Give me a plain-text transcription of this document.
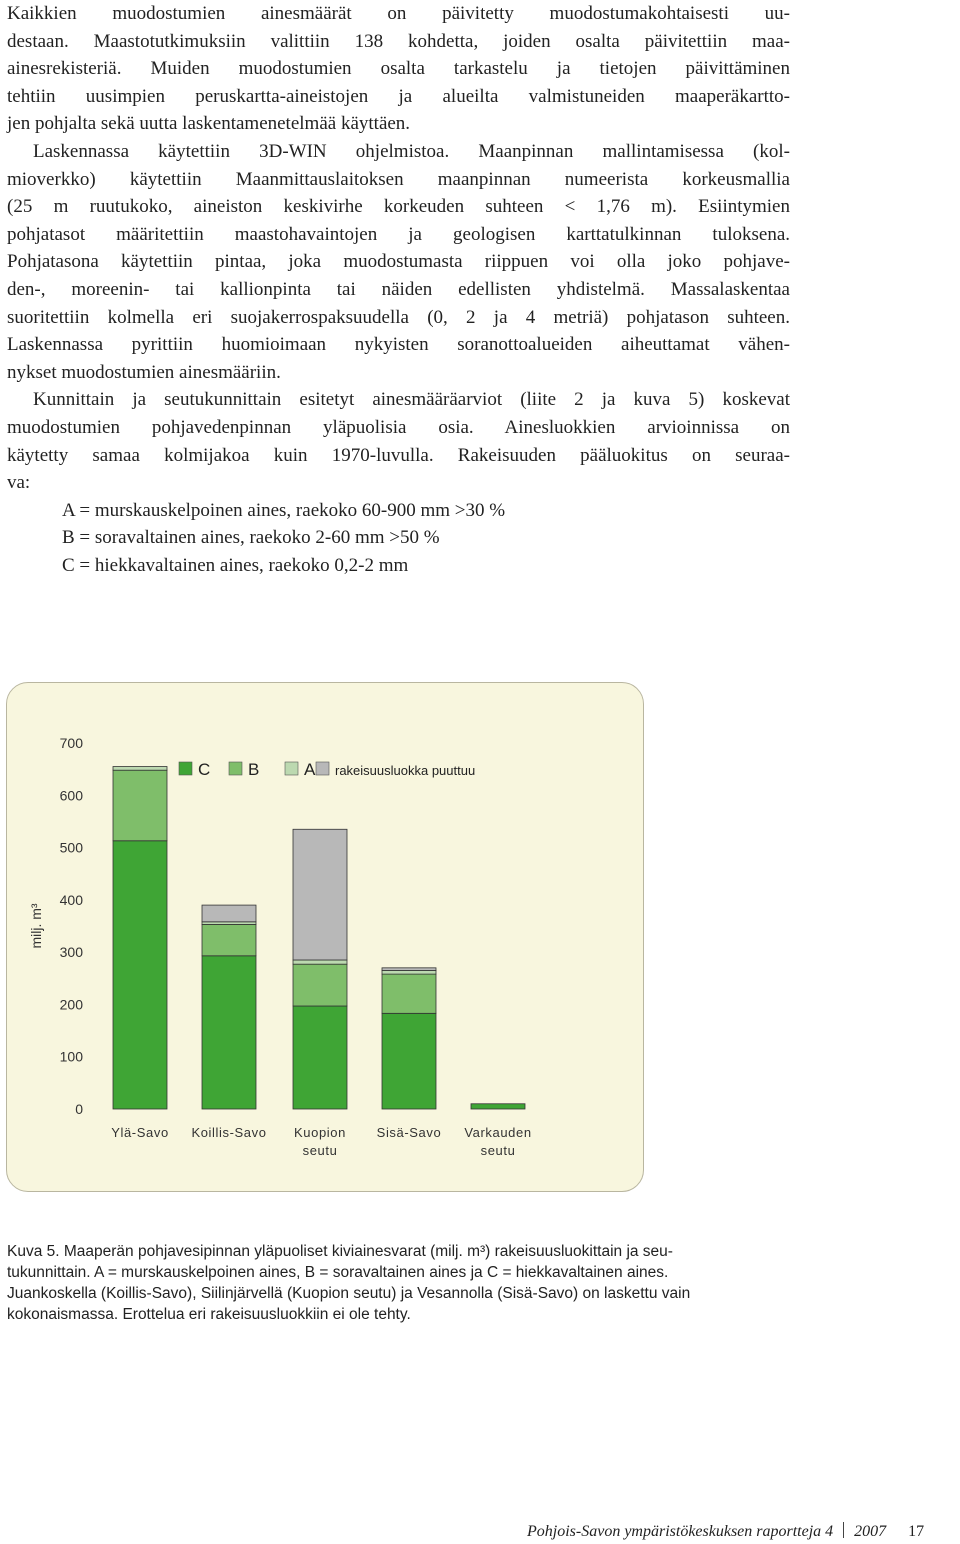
Kaikkien muodostumien ainesmäärät on päivitetty muodostumakohtaisesti uu-
destaan. Maastotutkimuksiin valittiin 138 kohdetta, joiden osalta päivitettiin maa-
ainesrekisteriä. Muiden muodostumien osalta tarkastelu ja tietojen päivittäminen
tehtiin uusimpien peruskartta-aineistojen ja alueilta valmistuneiden maaperäkartto-
jen pohjalta sekä uutta laskentamenetelmää käyttäen.

Laskennassa käytettiin 3D-WIN ohjelmistoa. Maanpinnan mallintamisessa (kol-
mioverkko) käytettiin Maanmittauslaitoksen maanpinnan numeerista korkeusmallia
(25 m ruutukoko, aineiston keskivirhe korkeuden suhteen < 1,76 m). Esiintymien
pohjatasot määritettiin maastohavaintojen ja geologisen karttatulkinnan tuloksena.
Pohjatasona käytettiin pintaa, joka muodostumasta riippuen voi olla joko pohjave-
den-, moreenin- tai kallionpinta tai näiden edellisten yhdistelmä. Massalaskentaa
suoritettiin kolmella eri suojakerrospaksuudella (0, 2 ja 4 metriä) pohjatason suhteen.
Laskennassa pyrittiin huomioimaan nykyisten soranottoalueiden aiheuttamat vähen-
nykset muodostumien ainesmääriin.

Kunnittain ja seutukunnittain esitetyt ainesmääräarviot (liite 2 ja kuva 5) koskevat
muodostumien pohjavedenpinnan yläpuolisia osia. Ainesluokkien arvioinnissa on
käytetty samaa kolmijakoa kuin 1970-luvulla. Rakeisuuden pääluokitus on seuraa-
va:

A = murskauskelpoinen aines, raekoko 60-900 mm >30 %
B = soravaltainen aines, raekoko 2-60 mm >50 %
C = hiekkavaltainen aines, raekoko 0,2-2 mm
0
100
200
300
400
500
600
700
milj. m³
Ylä-Savo Koillis-Savo Kuopion
seutu
Sisä-Savo Varkauden
seutu
C B	A rakeisuusluokka puuttuu
Kuva 5. Maaperän pohjavesipinnan yläpuoliset kiviainesvarat (milj. m³) rakeisuusluokittain ja seu-
tukunnittain. A = murskauskelpoinen aines, B = soravaltainen aines ja C = hiekkavaltainen aines.
Juankoskella (Koillis-Savo), Siilinjärvellä (Kuopion seutu) ja Vesannolla (Sisä-Savo) on laskettu vain
kokonaismassa. Erottelua eri rakeisuusluokkiin ei ole tehty.
Pohjois-Savon ympäristökeskuksen raportteja 4 2007 17
